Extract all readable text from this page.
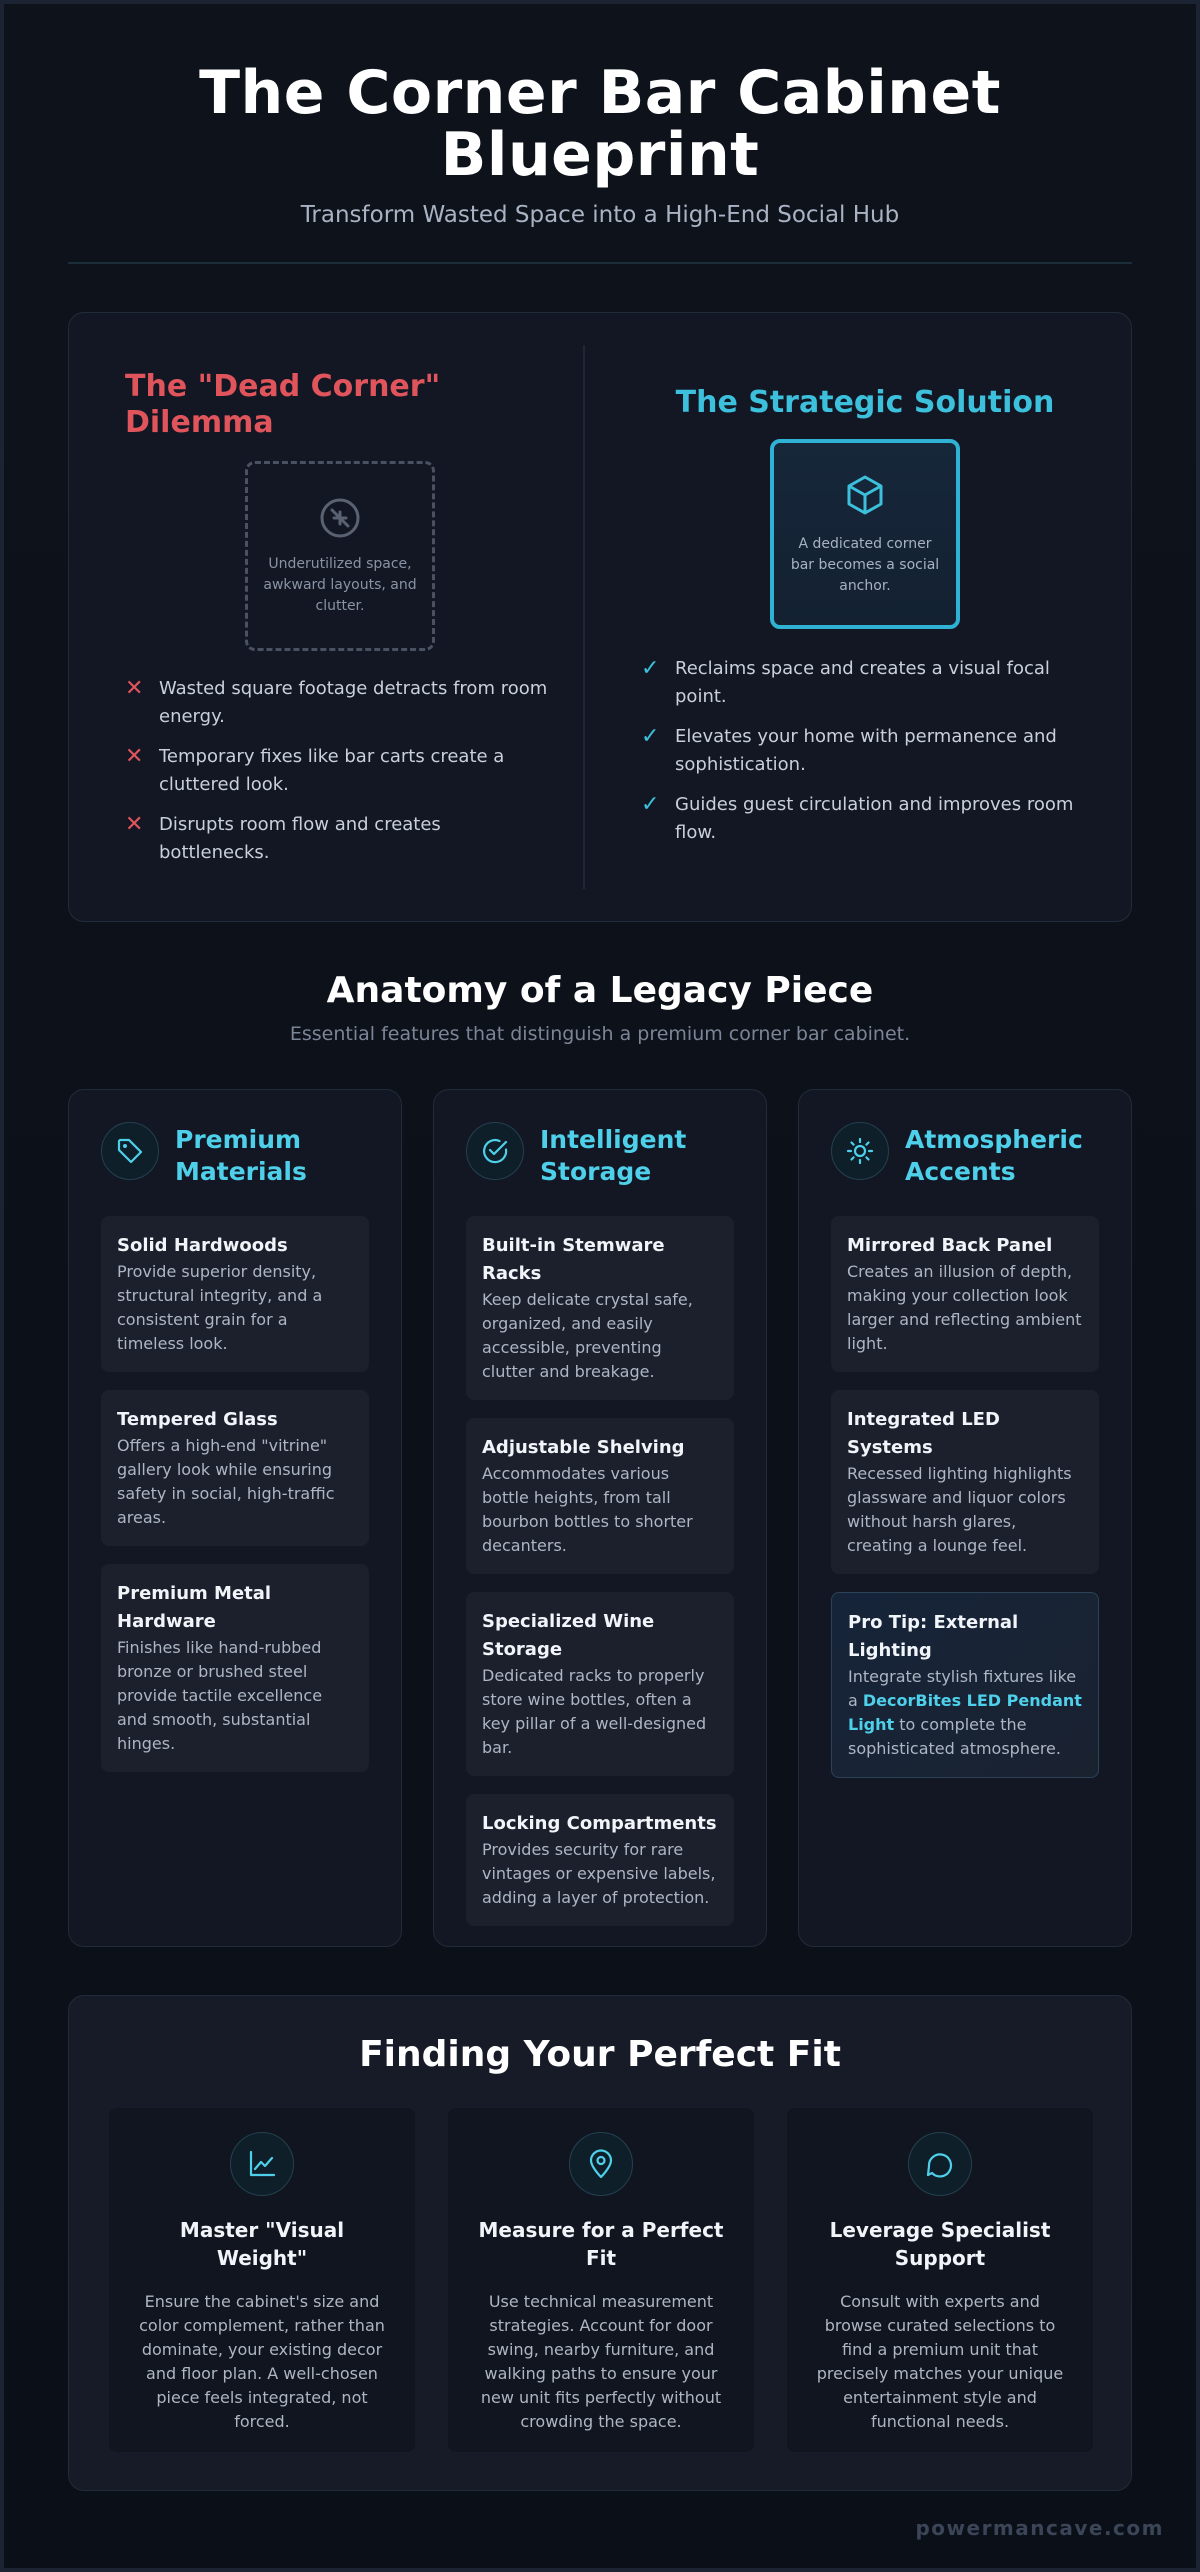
The Corner Bar Cabinet
Blueprint
Transform Wasted Space into a High-End Social Hub
The "Dead Corner" Dilemma
Underutilized space, awkward layouts, and clutter.
✕ Wasted square footage detracts from room energy.
✕ Temporary fixes like bar carts create a cluttered look.
✕ Disrupts room flow and creates bottlenecks.
The Strategic Solution
A dedicated corner bar becomes a social anchor.
✓ Reclaims space and creates a visual focal point.
✓ Elevates your home with permanence and sophistication.
✓ Guides guest circulation and improves room flow.
Anatomy of a Legacy Piece
Essential features that distinguish a premium corner bar cabinet.
Premium Materials
Solid Hardwoods
Provide superior density, structural integrity, and a consistent grain for a timeless look.
Tempered Glass
Offers a high-end "vitrine" gallery look while ensuring safety in social, high-traffic areas.
Premium Metal Hardware
Finishes like hand-rubbed bronze or brushed steel provide tactile excellence and smooth, substantial hinges.
Intelligent Storage
Built-in Stemware Racks
Keep delicate crystal safe, organized, and easily accessible, preventing clutter and breakage.
Adjustable Shelving
Accommodates various bottle heights, from tall bourbon bottles to shorter decanters.
Specialized Wine Storage
Dedicated racks to properly store wine bottles, often a key pillar of a well-designed bar.
Locking Compartments
Provides security for rare vintages or expensive labels, adding a layer of protection.
Atmospheric Accents
Mirrored Back Panel
Creates an illusion of depth, making your collection look larger and reflecting ambient light.
Integrated LED Systems
Recessed lighting highlights glassware and liquor colors without harsh glares, creating a lounge feel.
Pro Tip: External Lighting
Integrate stylish fixtures like a DecorBites LED Pendant Light to complete the sophisticated atmosphere.
Finding Your Perfect Fit
Master "Visual Weight"
Ensure the cabinet's size and color complement, rather than dominate, your existing decor and floor plan. A well-chosen piece feels integrated, not forced.
Measure for a Perfect Fit
Use technical measurement strategies. Account for door swing, nearby furniture, and walking paths to ensure your new unit fits perfectly without crowding the space.
Leverage Specialist Support
Consult with experts and browse curated selections to find a premium unit that precisely matches your unique entertainment style and functional needs.
powermancave.com
